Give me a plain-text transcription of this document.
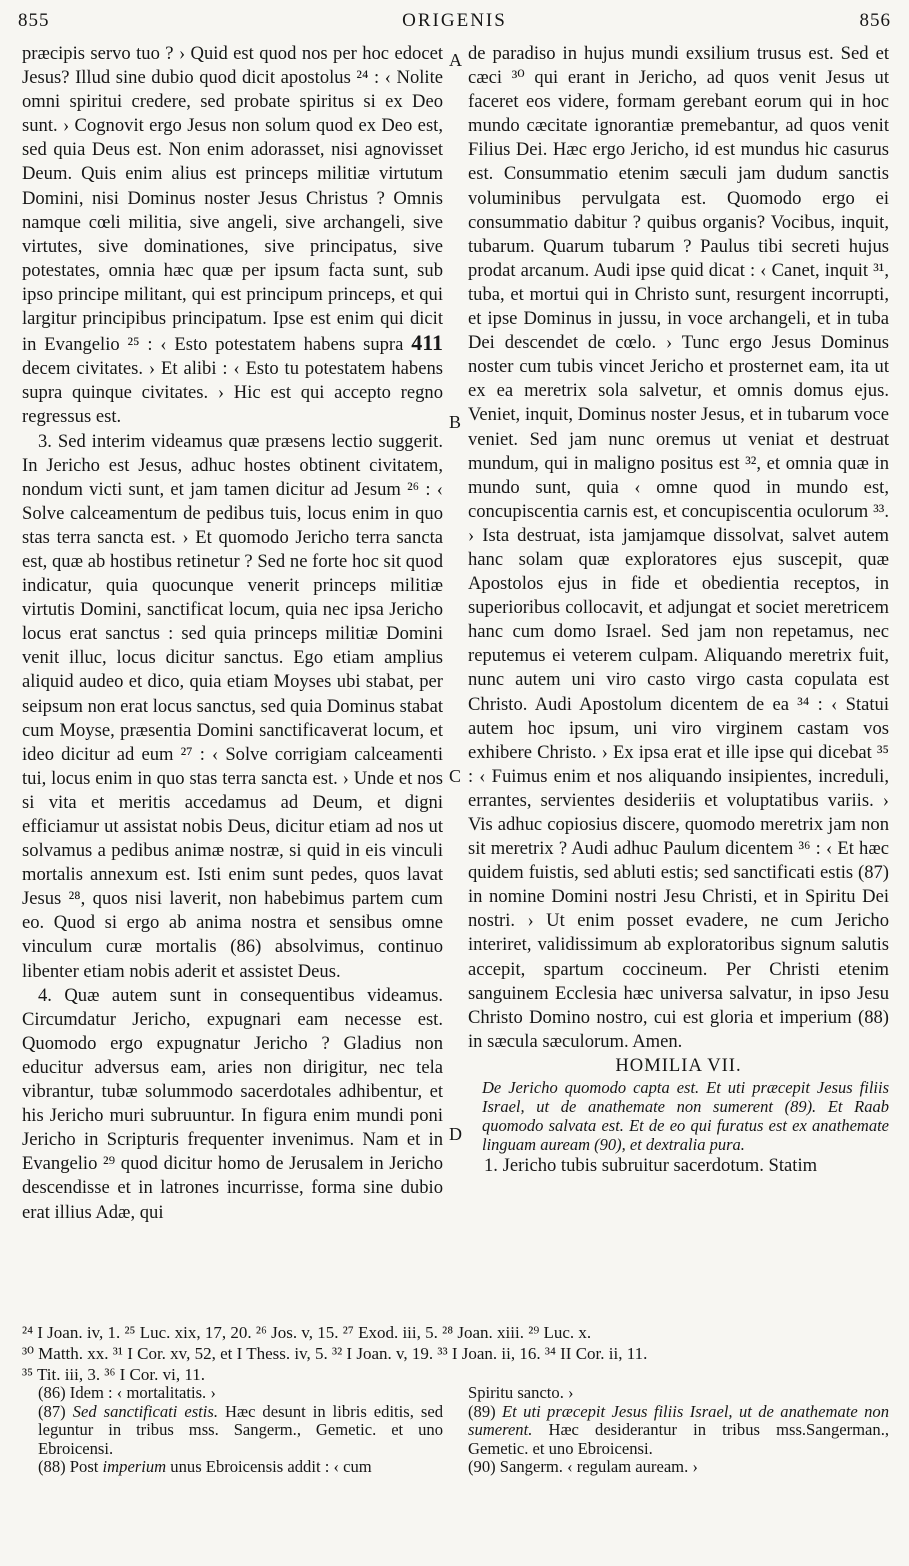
855	ORIGENIS	856

præcipis servo tuo ? › Quid est quod nos per hoc edocet Jesus? Illud sine dubio quod dicit apostolus ²⁴ : ‹ Nolite omni spiritui credere, sed probate spiritus si ex Deo sunt. › Cognovit ergo Jesus non solum quod ex Deo est, sed quia Deus est. Non enim adorasset, nisi agnovisset Deum. Quis enim alius est princeps militiæ virtutum Domini, nisi Dominus noster Jesus Christus ? Omnis namque cœli militia, sive angeli, sive archangeli, sive virtutes, sive dominationes, sive principatus, sive potestates, omnia hæc quæ per ipsum facta sunt, sub ipso principe militant, qui est principum princeps, et qui largitur principibus principatum. Ipse est enim qui dicit in Evangelio ²⁵ : ‹ Esto potestatem habens supra 411 decem civitates. › Et alibi : ‹ Esto tu potestatem habens supra quinque civitates. › Hic est qui accepto regno regressus est.

3. Sed interim videamus quæ præsens lectio suggerit. In Jericho est Jesus, adhuc hostes obtinent civitatem, nondum victi sunt, et jam tamen dicitur ad Jesum ²⁶ : ‹ Solve calceamentum de pedibus tuis, locus enim in quo stas terra sancta est. › Et quomodo Jericho terra sancta est, quæ ab hostibus retinetur ? Sed ne forte hoc sit quod indicatur, quia quocunque venerit princeps militiæ virtutis Domini, sanctificat locum, quia nec ipsa Jericho locus erat sanctus : sed quia princeps militiæ Domini venit illuc, locus dicitur sanctus. Ego etiam amplius aliquid audeo et dico, quia etiam Moyses ubi stabat, per seipsum non erat locus sanctus, sed quia Dominus stabat cum Moyse, præsentia Domini sanctificaverat locum, et ideo dicitur ad eum ²⁷ : ‹ Solve corrigiam calceamenti tui, locus enim in quo stas terra sancta est. › Unde et nos si vita et meritis accedamus ad Deum, et digni efficiamur ut assistat nobis Deus, dicitur etiam ad nos ut solvamus a pedibus animæ nostræ, si quid in eis vinculi mortalis annexum est. Isti enim sunt pedes, quos lavat Jesus ²⁸, quos nisi laverit, non habebimus partem cum eo. Quod si ergo ab anima nostra et sensibus omne vinculum curæ mortalis (86) absolvimus, continuo libenter etiam nobis aderit et assistet Deus.

4. Quæ autem sunt in consequentibus videamus. Circumdatur Jericho, expugnari eam necesse est. Quomodo ergo expugnatur Jericho ? Gladius non educitur adversus eam, aries non dirigitur, nec tela vibrantur, tubæ solummodo sacerdotales adhibentur, et his Jericho muri subruuntur. In figura enim mundi poni Jericho in Scripturis frequenter invenimus. Nam et in Evangelio ²⁹ quod dicitur homo de Jerusalem in Jericho descendisse et in latrones incurrisse, forma sine dubio erat illius Adæ, qui

A
B
C
D

de paradiso in hujus mundi exsilium trusus est. Sed et cæci ³⁰ qui erant in Jericho, ad quos venit Jesus ut faceret eos videre, formam gerebant eorum qui in hoc mundo cæcitate ignorantiæ premebantur, ad quos venit Filius Dei. Hæc ergo Jericho, id est mundus hic casurus est. Consummatio etenim sæculi jam dudum sanctis voluminibus pervulgata est. Quomodo ergo ei consummatio dabitur ? quibus organis? Vocibus, inquit, tubarum. Quarum tubarum ? Paulus tibi secreti hujus prodat arcanum. Audi ipse quid dicat : ‹ Canet, inquit ³¹, tuba, et mortui qui in Christo sunt, resurgent incorrupti, et ipse Dominus in jussu, in voce archangeli, et in tuba Dei descendet de cœlo. › Tunc ergo Jesus Dominus noster cum tubis vincet Jericho et prosternet eam, ita ut ex ea meretrix sola salvetur, et omnis domus ejus. Veniet, inquit, Dominus noster Jesus, et in tubarum voce veniet. Sed jam nunc oremus ut veniat et destruat mundum, qui in maligno positus est ³², et omnia quæ in mundo sunt, quia ‹ omne quod in mundo est, concupiscentia carnis est, et concupiscentia oculorum ³³. › Ista destruat, ista jamjamque dissolvat, salvet autem hanc solam quæ exploratores ejus suscepit, quæ Apostolos ejus in fide et obedientia receptos, in superioribus collocavit, et adjungat et societ meretricem hanc cum domo Israel. Sed jam non repetamus, nec reputemus ei veterem culpam. Aliquando meretrix fuit, nunc autem uni viro casto virgo casta copulata est Christo. Audi Apostolum dicentem de ea ³⁴ : ‹ Statui autem hoc ipsum, uni viro virginem castam vos exhibere Christo. › Ex ipsa erat et ille ipse qui dicebat ³⁵ : ‹ Fuimus enim et nos aliquando insipientes, increduli, errantes, servientes desideriis et voluptatibus variis. › Vis adhuc copiosius discere, quomodo meretrix jam non sit meretrix ? Audi adhuc Paulum dicentem ³⁶ : ‹ Et hæc quidem fuistis, sed abluti estis; sed sanctificati estis (87) in nomine Domini nostri Jesu Christi, et in Spiritu Dei nostri. › Ut enim posset evadere, ne cum Jericho interiret, validissimum ab exploratoribus signum salutis accepit, spartum coccineum. Per Christi etenim sanguinem Ecclesia hæc universa salvatur, in ipso Jesu Christo Domino nostro, cui est gloria et imperium (88) in sæcula sæculorum. Amen.

HOMILIA VII.

De Jericho quomodo capta est. Et uti præcepit Jesus filiis Israel, ut de anathemate non sumerent (89). Et Raab quomodo salvata est. Et de eo qui furatus est ex anathemate linguam auream (90), et dextralia pura.

1. Jericho tubis subruitur sacerdotum. Statim

²⁴ I Joan. iv, 1. ²⁵ Luc. xix, 17, 20. ²⁶ Jos. v, 15. ²⁷ Exod. iii, 5. ²⁸ Joan. xiii. ²⁹ Luc. x.

³⁰ Matth. xx. ³¹ I Cor. xv, 52, et I Thess. iv, 5. ³² I Joan. v, 19. ³³ I Joan. ii, 16. ³⁴ II Cor. ii, 11.

³⁵ Tit. iii, 3. ³⁶ I Cor. vi, 11.

(86) Idem : ‹ mortalitatis. ›

(87) Sed sanctificati estis. Hæc desunt in libris editis, sed leguntur in tribus mss. Sangerm., Gemetic. et uno Ebroicensi.

(88) Post imperium unus Ebroicensis addit : ‹ cum

Spiritu sancto. ›

(89) Et uti præcepit Jesus filiis Israel, ut de anathemate non sumerent. Hæc desiderantur in tribus mss.Sangerman., Gemetic. et uno Ebroicensi.

(90) Sangerm. ‹ regulam auream. ›
